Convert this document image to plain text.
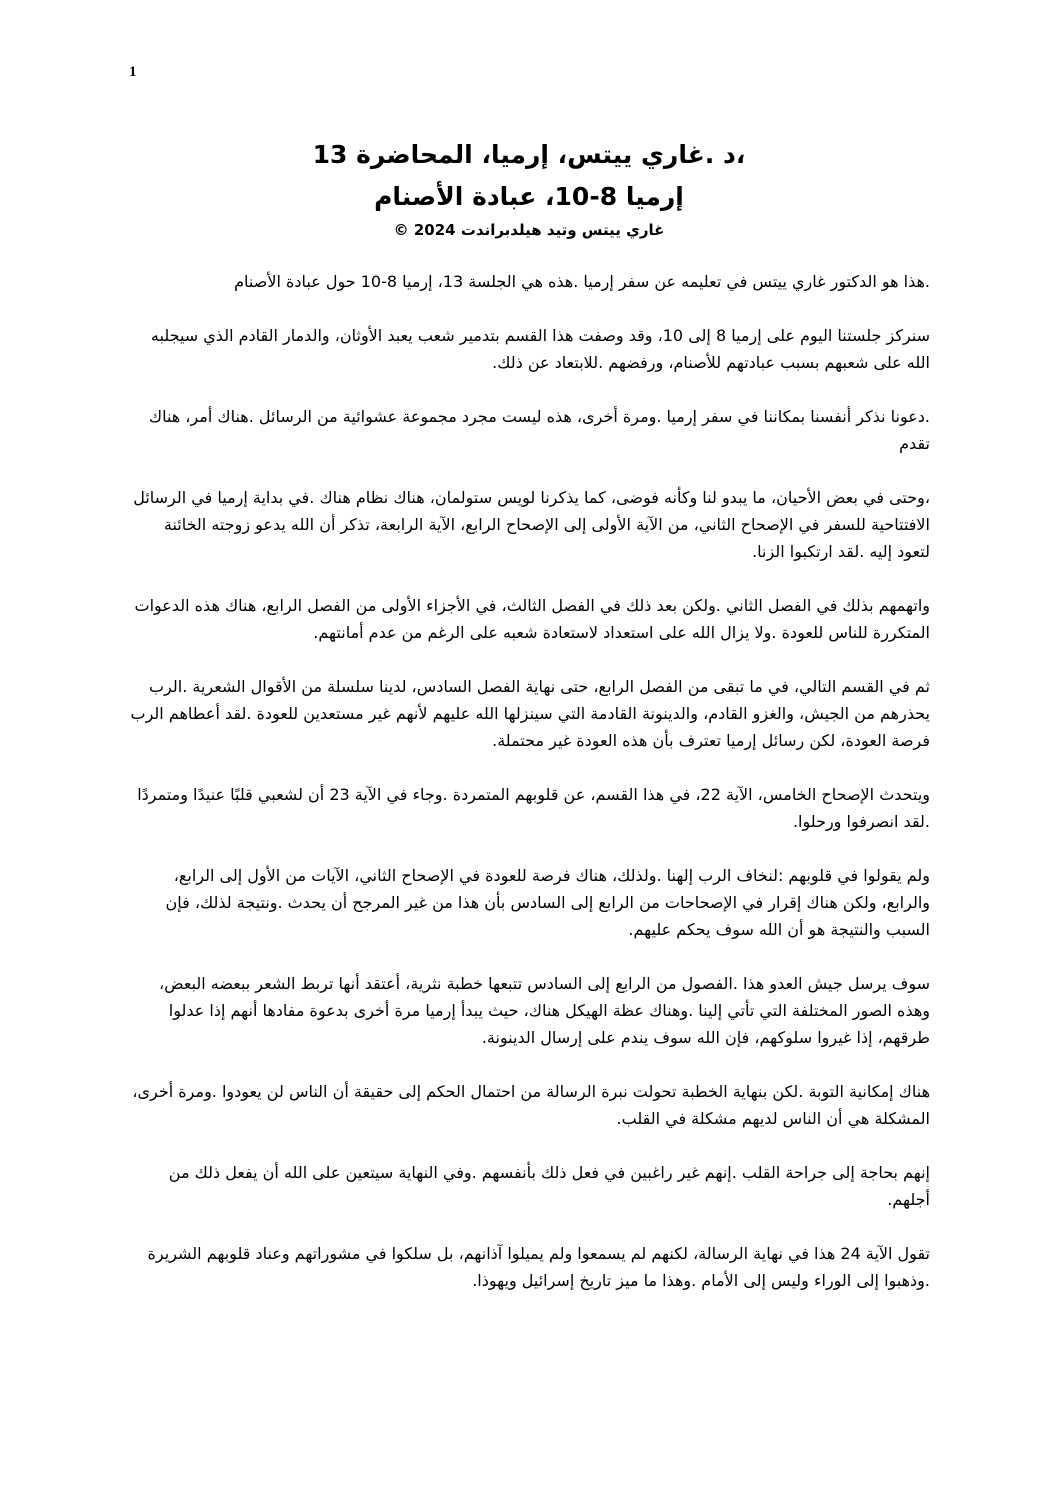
1
،د .غاري ييتس، إرميا، المحاضرة 13
إرميا 8-10، عبادة الأصنام
غاري ييتس وتيد هيلدبراندت 2024 ©

.هذا هو الدكتور غاري ييتس في تعليمه عن سفر إرميا .هذه هي الجلسة 13، إرميا 8-10 حول عبادة الأصنام

سنركز جلستنا اليوم على إرميا 8 إلى 10، وقد وصفت هذا القسم بتدمير شعب يعبد الأوثان، والدمار القادم الذي سيجلبه الله على شعبهم بسبب عبادتهم للأصنام، ورفضهم .للابتعاد عن ذلك.

.دعونا نذكر أنفسنا بمكاننا في سفر إرميا .ومرة أخرى، هذه ليست مجرد مجموعة عشوائية من الرسائل .هناك أمر، هناك تقدم

،وحتى في بعض الأحيان، ما يبدو لنا وكأنه فوضى، كما يذكرنا لويس ستولمان، هناك نظام هناك .في بداية إرميا في الرسائل الافتتاحية للسفر في الإصحاح الثاني، من الآية الأولى إلى الإصحاح الرابع، الآية الرابعة، تذكر أن الله يدعو زوجته الخائنة لتعود إليه .لقد ارتكبوا الزنا.

واتهمهم بذلك في الفصل الثاني .ولكن بعد ذلك في الفصل الثالث، في الأجزاء الأولى من الفصل الرابع، هناك هذه الدعوات المتكررة للناس للعودة .ولا يزال الله على استعداد لاستعادة شعبه على الرغم من عدم أمانتهم.

ثم في القسم التالي، في ما تبقى من الفصل الرابع، حتى نهاية الفصل السادس، لدينا سلسلة من الأقوال الشعرية .الرب يحذرهم من الجيش، والغزو القادم، والدينونة القادمة التي سينزلها الله عليهم لأنهم غير مستعدين للعودة .لقد أعطاهم الرب فرصة العودة، لكن رسائل إرميا تعترف بأن هذه العودة غير محتملة.

ويتحدث الإصحاح الخامس، الآية 22، في هذا القسم، عن قلوبهم المتمردة .وجاء في الآية 23 أن لشعبي قلبًا عنيدًا ومتمردًا .لقد انصرفوا ورحلوا.

ولم يقولوا في قلوبهم :لنخاف الرب إلهنا .ولذلك، هناك فرصة للعودة في الإصحاح الثاني، الآيات من الأول إلى الرابع، والرابع، ولكن هناك إقرار في الإصحاحات من الرابع إلى السادس بأن هذا من غير المرجح أن يحدث .ونتيجة لذلك، فإن السبب والنتيجة هو أن الله سوف يحكم عليهم.

سوف يرسل جيش العدو هذا .الفصول من الرابع إلى السادس تتبعها خطبة نثرية، أعتقد أنها تربط الشعر ببعضه البعض، وهذه الصور المختلفة التي تأتي إلينا .وهناك عظة الهيكل هناك، حيث يبدأ إرميا مرة أخرى بدعوة مفادها أنهم إذا عدلوا طرقهم، إذا غيروا سلوكهم، فإن الله سوف يندم على إرسال الدينونة.

هناك إمكانية التوبة .لكن بنهاية الخطبة تحولت نبرة الرسالة من احتمال الحكم إلى حقيقة أن الناس لن يعودوا .ومرة أخرى، المشكلة هي أن الناس لديهم مشكلة في القلب.

إنهم بحاجة إلى جراحة القلب .إنهم غير راغبين في فعل ذلك بأنفسهم .وفي النهاية سيتعين على الله أن يفعل ذلك من أجلهم.

تقول الآية 24 هذا في نهاية الرسالة، لكنهم لم يسمعوا ولم يميلوا آذانهم، بل سلكوا في مشوراتهم وعناد قلوبهم الشريرة .وذهبوا إلى الوراء وليس إلى الأمام .وهذا ما ميز تاريخ إسرائيل ويهوذا.
